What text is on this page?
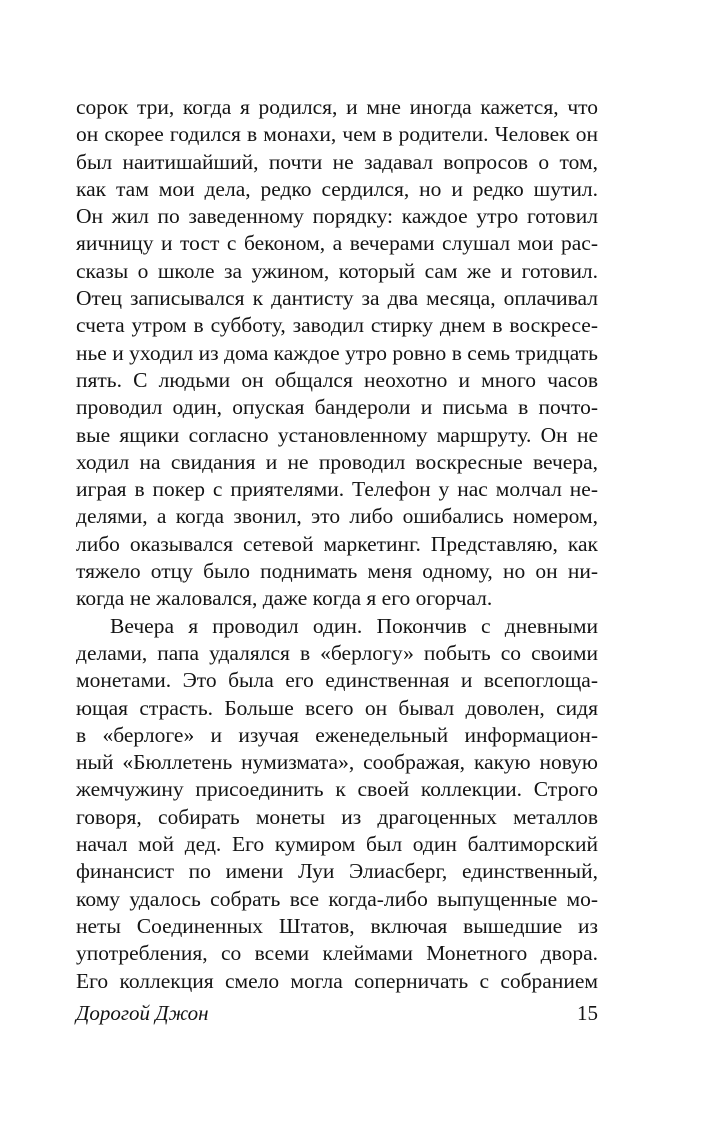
сорок три, когда я родился, и мне иногда кажется, что
он скорее годился в монахи, чем в родители. Человек он
был наитишайший, почти не задавал вопросов о том,
как там мои дела, редко сердился, но и редко шутил.
Он жил по заведенному порядку: каждое утро готовил
яичницу и тост с беконом, а вечерами слушал мои рас-
сказы о школе за ужином, который сам же и готовил.
Отец записывался к дантисту за два месяца, оплачивал
счета утром в субботу, заводил стирку днем в воскресе-
нье и уходил из дома каждое утро ровно в семь тридцать
пять. С людьми он общался неохотно и много часов
проводил один, опуская бандероли и письма в почто-
вые ящики согласно установленному маршруту. Он не
ходил на свидания и не проводил воскресные вечера,
играя в покер с приятелями. Телефон у нас молчал не-
делями, а когда звонил, это либо ошибались номером,
либо оказывался сетевой маркетинг. Представляю, как
тяжело отцу было поднимать меня одному, но он ни-
когда не жаловался, даже когда я его огорчал.
Вечера я проводил один. Покончив с дневными
делами, папа удалялся в «берлогу» побыть со своими
монетами. Это была его единственная и всепоглоща-
ющая страсть. Больше всего он бывал доволен, сидя
в «берлоге» и изучая еженедельный информацион-
ный «Бюллетень нумизмата», соображая, какую новую
жемчужину присоединить к своей коллекции. Строго
говоря, собирать монеты из драгоценных металлов
начал мой дед. Его кумиром был один балтиморский
финансист по имени Луи Элиасберг, единственный,
кому удалось собрать все когда-либо выпущенные мо-
неты Соединенных Штатов, включая вышедшие из
употребления, со всеми клеймами Монетного двора.
Его коллекция смело могла соперничать с собранием
Дорогой Джон	15
